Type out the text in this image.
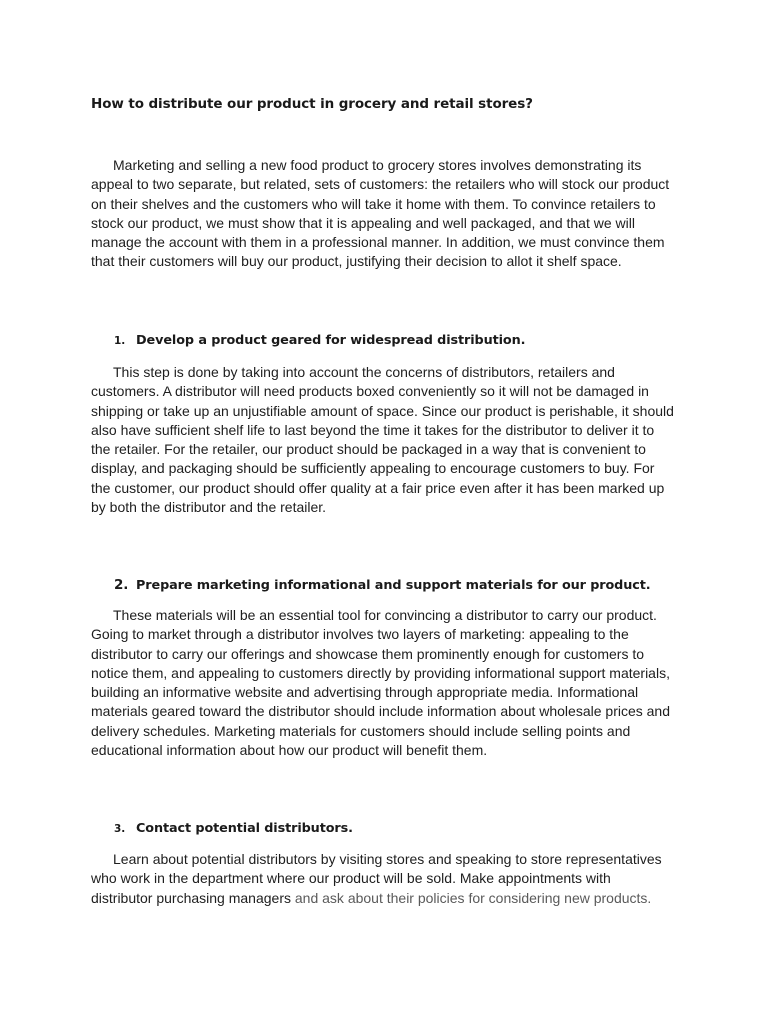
How to distribute our product in grocery and retail stores?

Marketing and selling a new food product to grocery stores involves demonstrating its appeal to two separate, but related, sets of customers: the retailers who will stock our product on their shelves and the customers who will take it home with them. To convince retailers to stock our product, we must show that it is appealing and well packaged, and that we will manage the account with them in a professional manner. In addition, we must convince them that their customers will buy our product, justifying their decision to allot it shelf space.

1. Develop a product geared for widespread distribution.

This step is done by taking into account the concerns of distributors, retailers and customers. A distributor will need products boxed conveniently so it will not be damaged in shipping or take up an unjustifiable amount of space. Since our product is perishable, it should also have sufficient shelf life to last beyond the time it takes for the distributor to deliver it to the retailer. For the retailer, our product should be packaged in a way that is convenient to display, and packaging should be sufficiently appealing to encourage customers to buy. For the customer, our product should offer quality at a fair price even after it has been marked up by both the distributor and the retailer.

2. Prepare marketing informational and support materials for our product.

These materials will be an essential tool for convincing a distributor to carry our product. Going to market through a distributor involves two layers of marketing: appealing to the distributor to carry our offerings and showcase them prominently enough for customers to notice them, and appealing to customers directly by providing informational support materials, building an informative website and advertising through appropriate media. Informational materials geared toward the distributor should include information about wholesale prices and delivery schedules. Marketing materials for customers should include selling points and educational information about how our product will benefit them.

3. Contact potential distributors.

Learn about potential distributors by visiting stores and speaking to store representatives who work in the department where our product will be sold. Make appointments with distributor purchasing managers and ask about their policies for considering new products.
